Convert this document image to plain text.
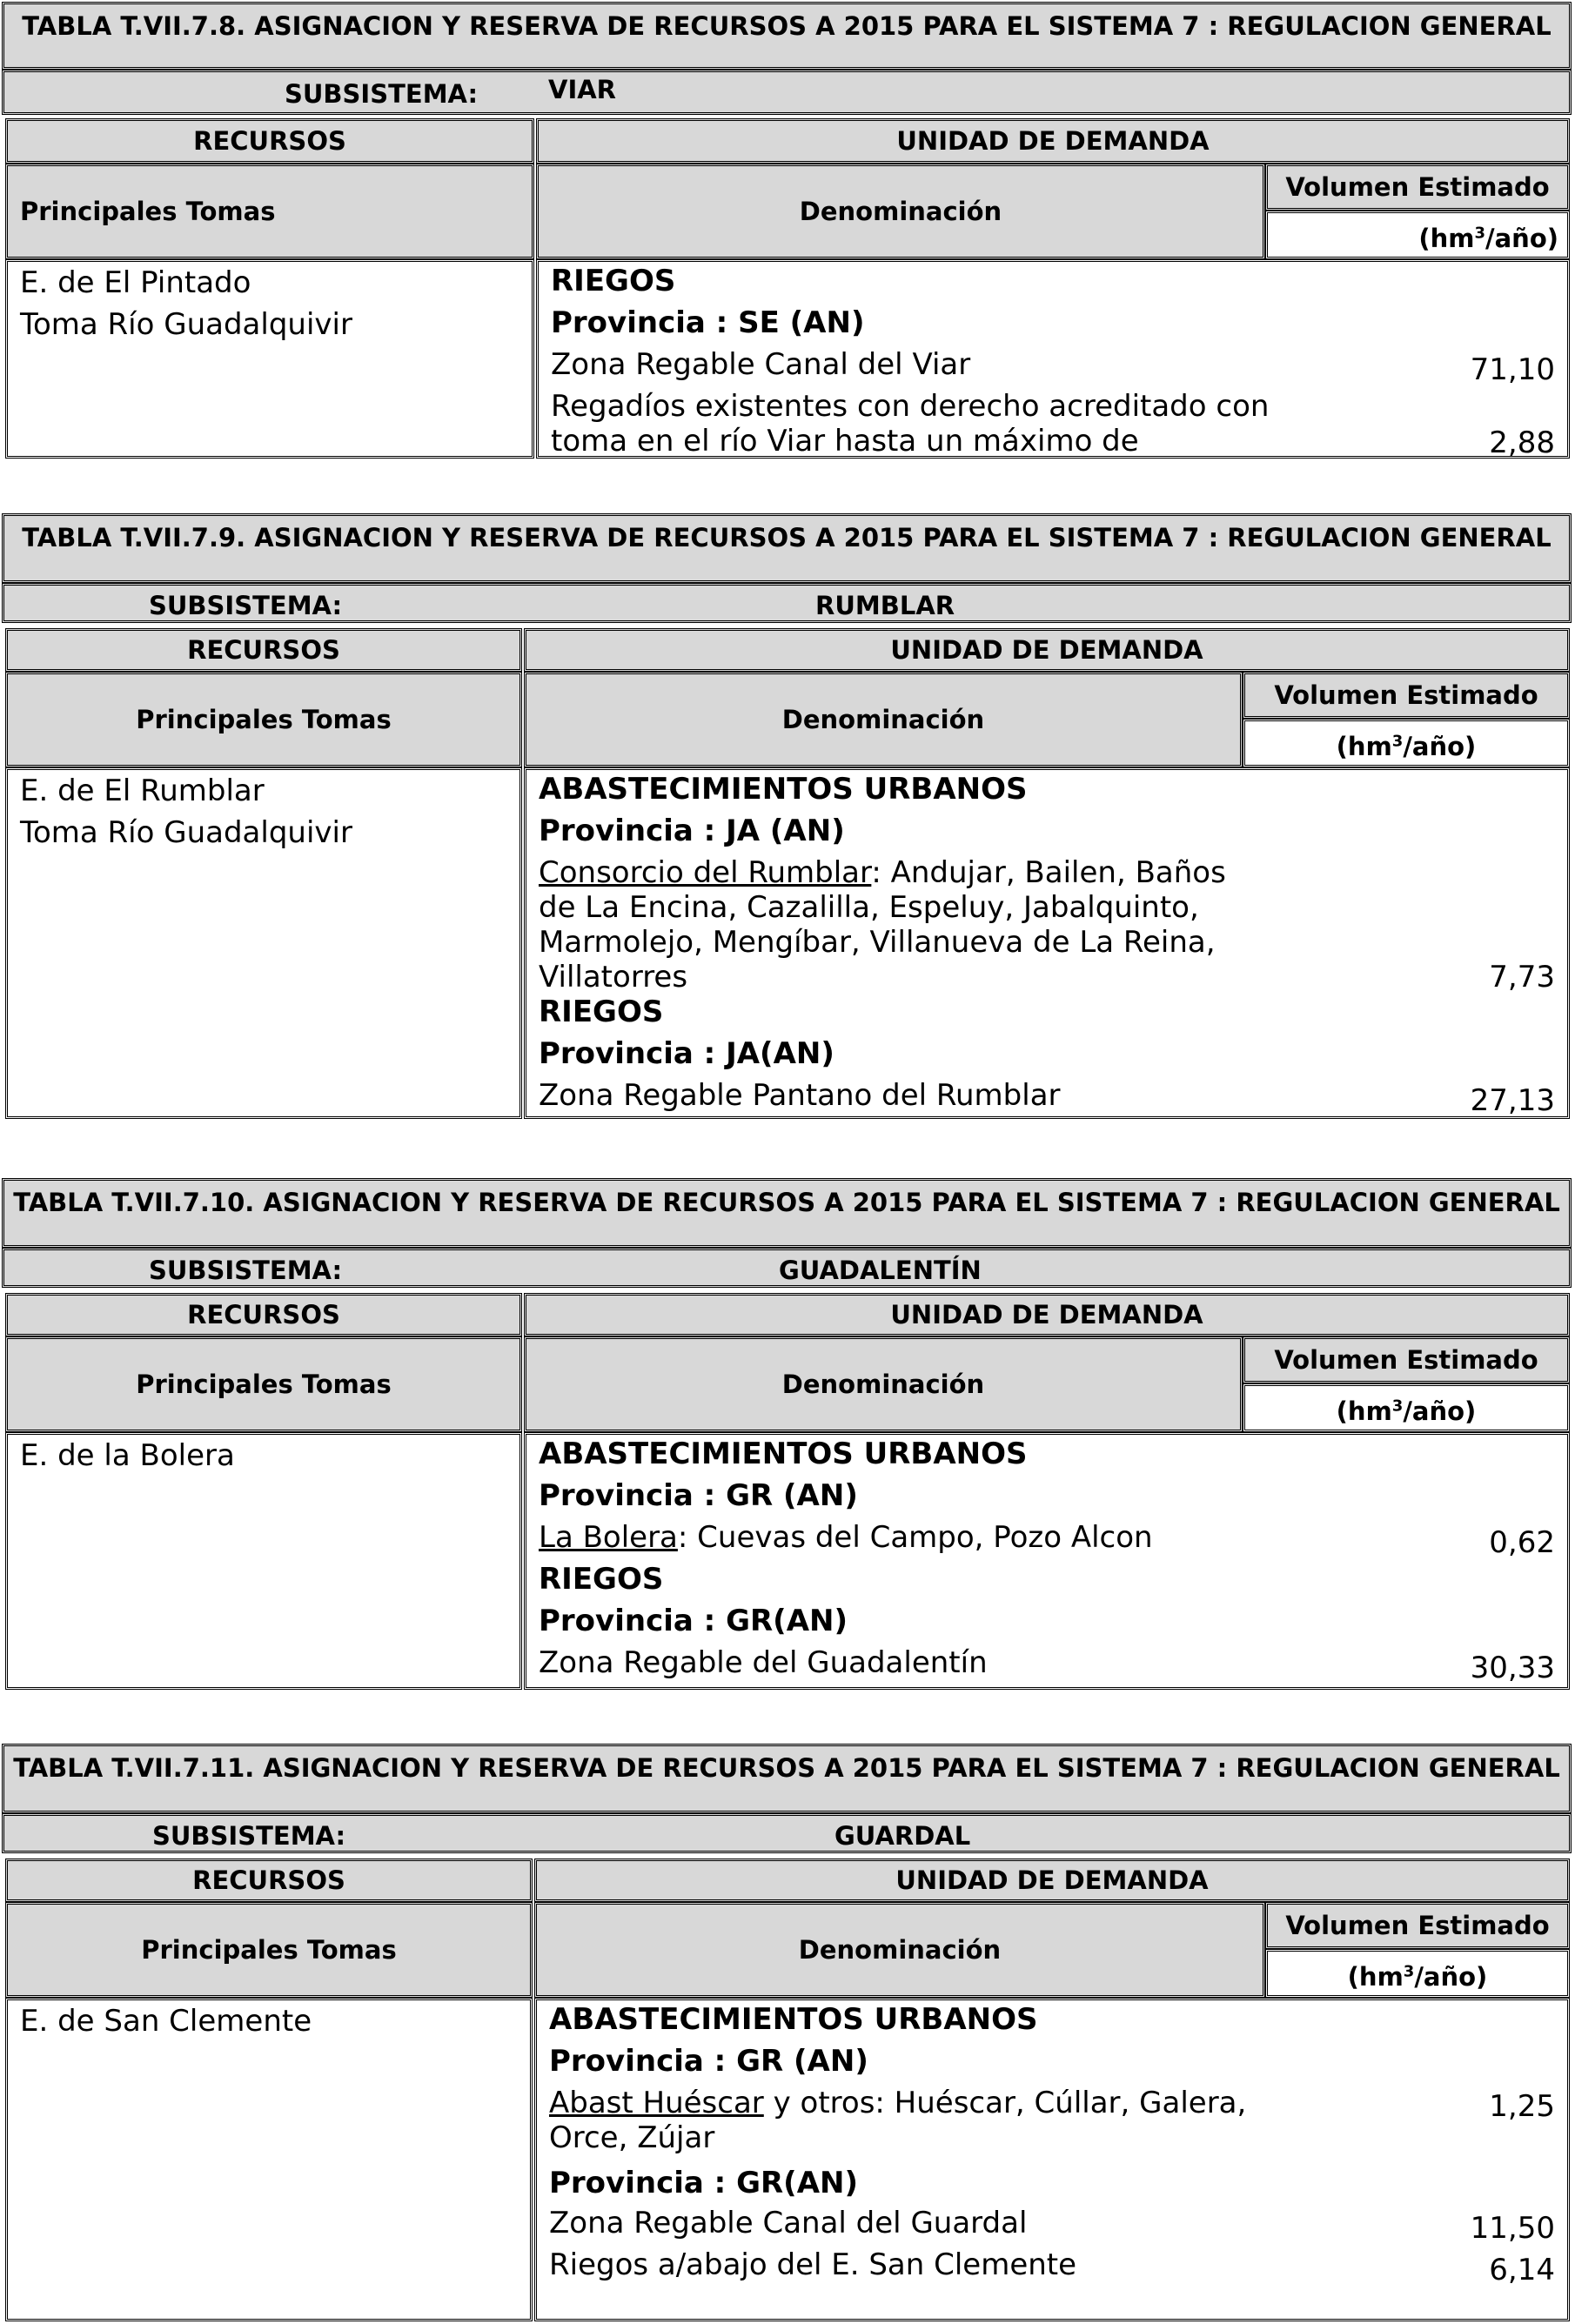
TABLA T.VII.7.8. ASIGNACION Y RESERVA DE RECURSOS A 2015 PARA EL SISTEMA 7 : REGULACION GENERAL
SUBSISTEMA:	VIAR
RECURSOS	UNIDAD DE DEMANDA
Principales Tomas	Denominación
Volumen Estimado
$(hm^3/año)$
E. de El Pintado
Toma Río Guadalquivir
RIEGOS
Provincia : SE (AN)
Zona Regable Canal del Viar	71,10
Regadíos existentes con derecho acreditado con
toma en el río Viar hasta un máximo de	2,88
TABLA T.VII.7.9. ASIGNACION Y RESERVA DE RECURSOS A 2015 PARA EL SISTEMA 7 : REGULACION GENERAL
SUBSISTEMA:	RUMBLAR
RECURSOS	UNIDAD DE DEMANDA
Principales Tomas	Denominación
Volumen Estimado
$(hm^3/año)$
E. de El Rumblar
Toma Río Guadalquivir
ABASTECIMIENTOS URBANOS
Provincia : JA (AN)
Consorcio del Rumblar: Andujar, Bailen, Baños
de La Encina, Cazalilla, Espeluy, Jabalquinto,
Marmolejo, Mengíbar, Villanueva de La Reina,
Villatorres	7,73
RIEGOS
Provincia : JA(AN)
Zona Regable Pantano del Rumblar	27,13
TABLA T.VII.7.10. ASIGNACION Y RESERVA DE RECURSOS A 2015 PARA EL SISTEMA 7 : REGULACION GENERAL
SUBSISTEMA:	GUADALENTÍN
RECURSOS	UNIDAD DE DEMANDA
Principales Tomas	Denominación
Volumen Estimado
$(hm^3/año)$
E. de la Bolera	ABASTECIMIENTOS URBANOS
Provincia : GR (AN)
La Bolera: Cuevas del Campo, Pozo Alcon	0,62
RIEGOS
Provincia : GR(AN)
Zona Regable del Guadalentín	30,33
TABLA T.VII.7.11. ASIGNACION Y RESERVA DE RECURSOS A 2015 PARA EL SISTEMA 7 : REGULACION GENERAL
SUBSISTEMA:	GUARDAL
RECURSOS	UNIDAD DE DEMANDA
Principales Tomas	Denominación
Volumen Estimado
$(hm^3/año)$
E. de San Clemente	ABASTECIMIENTOS URBANOS
Provincia : GR (AN)
Abast Huéscar y otros: Huéscar, Cúllar, Galera,	1,25
Orce, Zújar
Provincia : GR(AN)
Zona Regable Canal del Guardal	11,50
Riegos a/abajo del E. San Clemente	6,14
